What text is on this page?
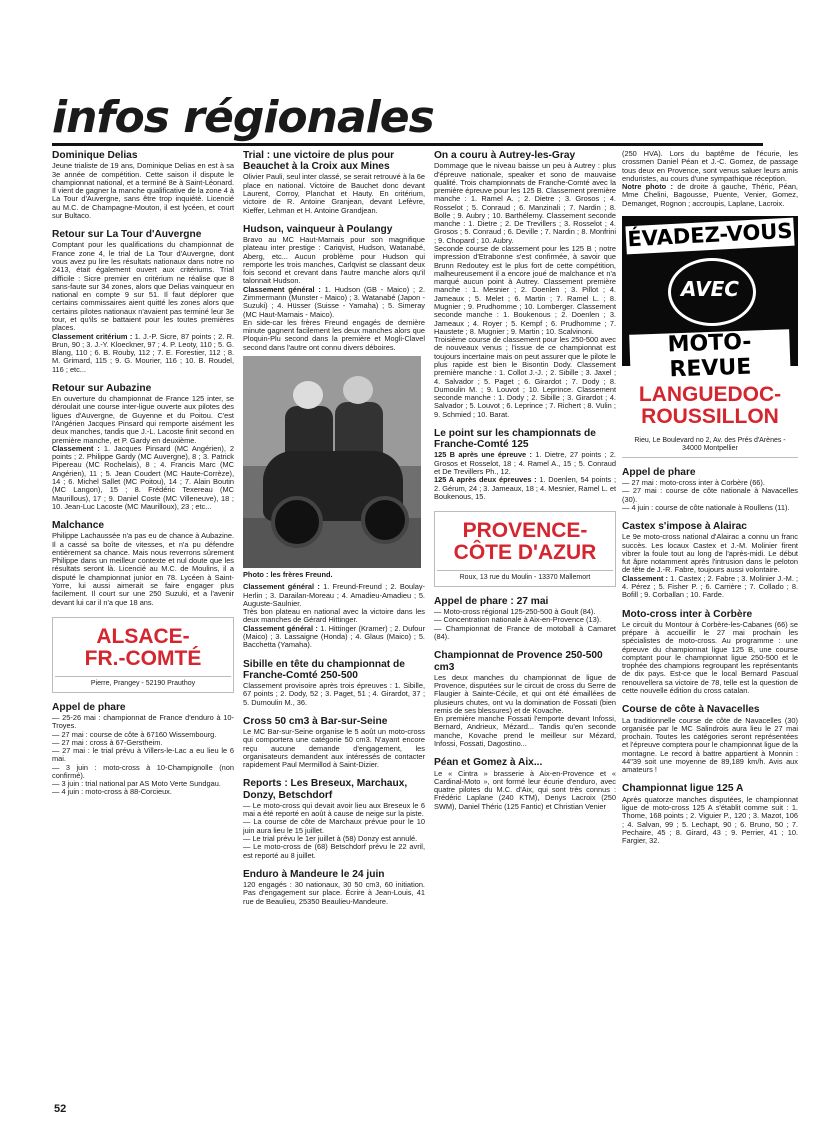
infos régionales
Dominique Delias

Jeune trialiste de 19 ans, Dominique Delias en est à sa 3e année de compétition. Cette saison il dispute le championnat national, et a terminé 8e à Saint-Léonard. Il vient de gagner la manche qualificative de la zone 4 à La Tour d'Auvergne, sans être trop inquiété. Licencié au M.C. de Champagne-Mouton, il est lycéen, et court sur Bultaco.

Retour sur La Tour d'Auvergne

Comptant pour les qualifications du championnat de France zone 4, le trial de La Tour d'Auvergne, dont vous avez pu lire les résultats nationaux dans notre no 2413, était également ouvert aux critériums. Trial difficile : Sicre premier en critérium ne réalise que 8 sans-faute sur 34 zones, alors que Delias vainqueur en national en compte 9 sur 51. Il faut déplorer que certains commissaires aient quitté les zones alors que certains pilotes nationaux n'avaient pas terminé leur 3e tour, et qu'ils se battaient pour les toutes premières places.

Classement critérium : 1. J.-P. Sicre, 87 points ; 2. R. Brun, 90 ; 3. J.-Y. Kloeckner, 97 ; 4. P. Leoty, 110 ; 5. G. Blang, 110 ; 6. B. Rouby, 112 ; 7. E. Forestier, 112 ; 8. M. Grimard, 115 ; 9. G. Mourier, 116 ; 10. B. Roudel, 116 ; etc...

Retour sur Aubazine

En ouverture du championnat de France 125 inter, se déroulait une course inter-ligue ouverte aux pilotes des ligues d'Auvergne, de Guyenne et du Poitou. C'est l'Angérien Jacques Pinsard qui remporte aisément les deux manches, tandis que J.-L. Lacoste finit second en première manche, et P. Gardy en deuxième.

Classement : 1. Jacques Pinsard (MC Angérien), 2 points ; 2. Philippe Gardy (MC Auvergne), 8 ; 3. Patrick Pipereau (MC Rochelais), 8 ; 4. Francis Marc (MC Angérien), 11 ; 5. Jean Coudert (MC Haute-Corrèze), 14 ; 6. Michel Sallet (MC Poitou), 14 ; 7. Alain Boutin (MC Langon), 15 ; 8. Frédéric Texereau (MC Maurillous), 17 ; 9. Daniel Coste (MC Villeneuve), 18 ; 10. Jean-Luc Lacoste (MC Maurilloux), 23 ; etc...

Malchance

Philippe Lachaussée n'a pas eu de chance à Aubazine. Il a cassé sa boîte de vitesses, et n'a pu défendre entièrement sa chance. Mais nous reverrons sûrement Philippe dans un meilleur contexte et nul doute que les résultats seront là. Licencié au M.C. de Moulins, il a disputé le championnat junior en 78. Lycéen à Saint-Yorre, lui aussi aimerait se faire engager plus facilement. Il court sur une 250 Suzuki, et a l'avenir devant lui car il n'a que 18 ans.

ALSACE-
FR.-COMTÉ
Pierre, Prangey - 52190 Prauthoy
Appel de phare

— 25-26 mai : championnat de France d'enduro à 10-Troyes.
— 27 mai : course de côte à 67160 Wissembourg.
— 27 mai : cross à 67-Gerstheim.
— 27 mai : le trial prévu à Villers-le-Lac a eu lieu le 6 mai.
— 3 juin : moto-cross à 10-Champignolle (non confirmé).
— 3 juin : trial national par AS Moto Verte Sundgau.
— 4 juin : moto-cross à 88-Corcieux.

Trial : une victoire de plus pour Beauchet à la Croix aux Mines

Olivier Pauli, seul inter classé, se serait retrouvé à la 6e place en national. Victoire de Bauchet donc devant Laurent, Corroy, Planchat et Hauty. En critérium, victoire de R. Antoine Granjean, devant Lefèvre, Kieffer, Lehman et H. Antoine Grandjean.

Hudson, vainqueur à Poulangy

Bravo au MC Haut-Marnais pour son magnifique plateau inter prestige : Cariqvist, Hudson, Watanabé, Aberg, etc... Aucun problème pour Hudson qui remporte les trois manches, Carlqvist se classant deux fois second et crevant dans l'autre manche alors qu'il talonnait Hudson.

Classement général : 1. Hudson (GB - Maico) ; 2. Zimmermann (Munster - Maico) ; 3. Watanabé (Japon - Suzuki) ; 4. Hüsser (Suisse - Yamaha) ; 5. Simeray (MC Haut-Marnais - Maico).

En side-car les frères Freund engagés de dernière minute gagnent facilement les deux manches alors que Ploquin-Plu second dans la première et Mogli-Clavel second dans l'autre ont connu divers déboires.

Photo : les frères Freund.

Classement général : 1. Freund-Freund ; 2. Boulay-Herlin ; 3. Darailan-Moreau ; 4. Amadieu-Amadieu ; 5. Auguste-Saulnier.

Très bon plateau en national avec la victoire dans les deux manches de Gérard Hittinger.

Classement général : 1. Hittinger (Kramer) ; 2. Dufour (Maico) ; 3. Lassaigne (Honda) ; 4. Glaus (Maico) ; 5. Bacchetta (Yamaha).

Sibille en tête du championnat de Franche-Comté 250-500

Classement provisoire après trois épreuves : 1. Sibille, 67 points ; 2. Dody, 52 ; 3. Paget, 51 ; 4. Girardot, 37 ; 5. Dumoulin M., 36.

Cross 50 cm3 à Bar-sur-Seine

Le MC Bar-sur-Seine organise le 5 août un moto-cross qui comportera une catégorie 50 cm3. N'ayant encore reçu aucune demande d'engagement, les organisateurs demandent aux intéressés de contacter rapidement Paul Mermillod à Saint-Dizier.

Reports : Les Breseux, Marchaux, Donzy, Betschdorf

— Le moto-cross qui devait avoir lieu aux Breseux le 6 mai a été reporté en août à cause de neige sur la piste.
— La course de côte de Marchaux prévue pour le 10 juin aura lieu le 15 juillet.
— Le trial prévu le 1er juillet à (58) Donzy est annulé.
— Le moto-cross de (68) Betschdorf prévu le 22 avril, est reporté au 8 juillet.

Enduro à Mandeure le 24 juin

120 engagés : 30 nationaux, 30 50 cm3, 60 initiation. Pas d'engagement sur place. Écrire à Jean-Louis, 41 rue de Beaulieu, 25350 Beaulieu-Mandeure.

On a couru à Autrey-les-Gray

Dommage que le niveau baisse un peu à Autrey : plus d'épreuve nationale, speaker et sono de mauvaise qualité. Trois championnats de Franche-Comté avec la première épreuve pour les 125 B. Classement première manche : 1. Ramel A. ; 2. Dietre ; 3. Grosos ; 4. Rosselot ; 5. Conraud ; 6. Manzinali ; 7. Nardin ; 8. Bolle ; 9. Aubry ; 10. Barthélemy. Classement seconde manche : 1. Dietre ; 2. De Trevillers ; 3. Rosselot ; 4. Grosos ; 5. Conraud ; 6. Deville ; 7. Nardin ; 8. Monfrini ; 9. Chopard ; 10. Aubry.

Seconde course de classement pour les 125 B ; notre impression d'Etrabonne s'est confirmée, à savoir que Brunn Redoutey est le plus fort de cette compétition, malheureusement il a encore joué de malchance et n'a marqué aucun point à Autrey. Classement première manche : 1. Mesnier ; 2. Doenlen ; 3. Pillot ; 4. Jameaux ; 5. Melet ; 6. Martin ; 7. Ramel L. ; 8. Mugnier ; 9. Prudhomme ; 10. Lomberger. Classement seconde manche : 1. Boukenous ; 2. Doenlen ; 3. Jameaux ; 4. Royer ; 5. Kempf ; 6. Prudhomme ; 7. Haustete ; 8. Mugnier ; 9. Martin ; 10. Scalvinoni.

Troisième course de classement pour les 250-500 avec de nouveaux venus ; l'issue de ce championnat est toujours incertaine mais on peut assurer que le pilote le plus rapide est bien le Bisontin Dody. Classement première manche : 1. Collot J.-J. ; 2. Sibille ; 3. Jaxel ; 4. Salvador ; 5. Paget ; 6. Girardot ; 7. Dody ; 8. Dumoulin M. ; 9. Louvot ; 10. Leprince. Classement seconde manche : 1. Dody ; 2. Sibille ; 3. Girardot ; 4. Salvador ; 5. Louvot ; 6. Leprince ; 7. Richert ; 8. Vulin ; 9. Schmied ; 10. Barat.

Le point sur les championnats de Franche-Comté 125

125 B après une épreuve : 1. Dietre, 27 points ; 2. Grosos et Rosselot, 18 ; 4. Ramel A., 15 ; 5. Conraud et De Trevillers Ph., 12.

125 A après deux épreuves : 1. Doenlen, 54 points ; 2. Gérum, 24 ; 3. Jameaux, 18 ; 4. Mesnier, Ramel L. et Boukenous, 15.

PROVENCE-
CÔTE D'AZUR
Roux, 13 rue du Moulin - 13370 Mallemort
Appel de phare : 27 mai

— Moto-cross régional 125-250-500 à Goult (84).
— Concentration nationale à Aix-en-Provence (13).
— Championnat de France de motoball à Camaret (84).

Championnat de Provence 250-500 cm3

Les deux manches du championnat de ligue de Provence, disputées sur le circuit de cross du Serre de Flaugier à Sainte-Cécile, et qui ont été émaillées de plusieurs chutes, ont vu la domination de Fossati (bien remis de ses blessures) et de Kovache.
En première manche Fossati l'emporte devant Infossi, Bernard, Andrieux, Mézard... Tandis qu'en seconde manche, Kovache prend le meilleur sur Mézard, Infossi, Fossati, Dagostino...

Péan et Gomez à Aix...

Le « Cintra » brasserie à Aix-en-Provence et « Cardinal-Moto », ont formé leur écurie d'enduro, avec quatre pilotes du M.C. d'Aix, qui sont très connus : Frédéric Laplane (240 KTM), Denys Lacroix (250 SWM), Daniel Théric (125 Fantic) et Christian Venier

(250 HVA). Lors du baptême de l'écurie, les crossmen Daniel Péan et J.-C. Gomez, de passage tous deux en Provence, sont venus saluer leurs amis enduristes, au cours d'une sympathique réception.

Notre photo : de droite à gauche, Théric, Péan, Mme Chelini, Bagousse, Puente, Venier, Gomez, Demanget, Rognon ; accroupis, Laplane, Lacroix.

ÉVADEZ-VOUS
AVEC
MOTO-REVUE
LANGUEDOC-
ROUSSILLON
Rieu, Le Boulevard no 2, Av. des Prés d'Arènes - 34000 Montpellier
Appel de phare

— 27 mai : moto-cross inter à Corbère (66).
— 27 mai : course de côte nationale à Navacelles (30).
— 4 juin : course de côte nationale à Roullens (11).

Castex s'impose à Alairac

Le 9e moto-cross national d'Alairac a connu un franc succès. Les locaux Castex et J.-M. Molinier firent vibrer la foule tout au long de l'après-midi. Le début fut âpre notamment après l'intrusion dans le peloton de tête de J.-R. Fabre, toujours aussi volontaire.

Classement : 1. Castex ; 2. Fabre ; 3. Molinier J.-M. ; 4. Pérez ; 5. Fisher P. ; 6. Carrière ; 7. Collado ; 8. Bofill ; 9. Corballan ; 10. Farde.

Moto-cross inter à Corbère

Le circuit du Montour à Corbère-les-Cabanes (66) se prépare à accueillir le 27 mai prochain les spécialistes de moto-cross. Au programme : une épreuve du championnat ligue 125 B, une course comptant pour le championnat ligue 250-500 et le trophée des champions regroupant les représentants de dix pays. Est-ce que le local Bernard Pascual renouvellera sa victoire de 78, telle est la question de cette nouvelle édition du cross catalan.

Course de côte à Navacelles

La traditionnelle course de côte de Navacelles (30) organisée par le MC Salindrois aura lieu le 27 mai prochain. Toutes les catégories seront représentées et l'épreuve comptera pour le championnat ligue de la montagne. Le record à battre appartient à Monnin : 44"39 soit une moyenne de 89,189 km/h. Avis aux amateurs !

Championnat ligue 125 A

Après quatorze manches disputées, le championnat ligue de moto-cross 125 A s'établit comme suit : 1. Thome, 168 points ; 2. Viguier P., 120 ; 3. Mazot, 106 ; 4. Salvan, 99 ; 5. Lechapt, 90 ; 6. Bruno, 50 ; 7. Pechaire, 45 ; 8. Girard, 43 ; 9. Perrier, 41 ; 10. Fargier, 32.

52
